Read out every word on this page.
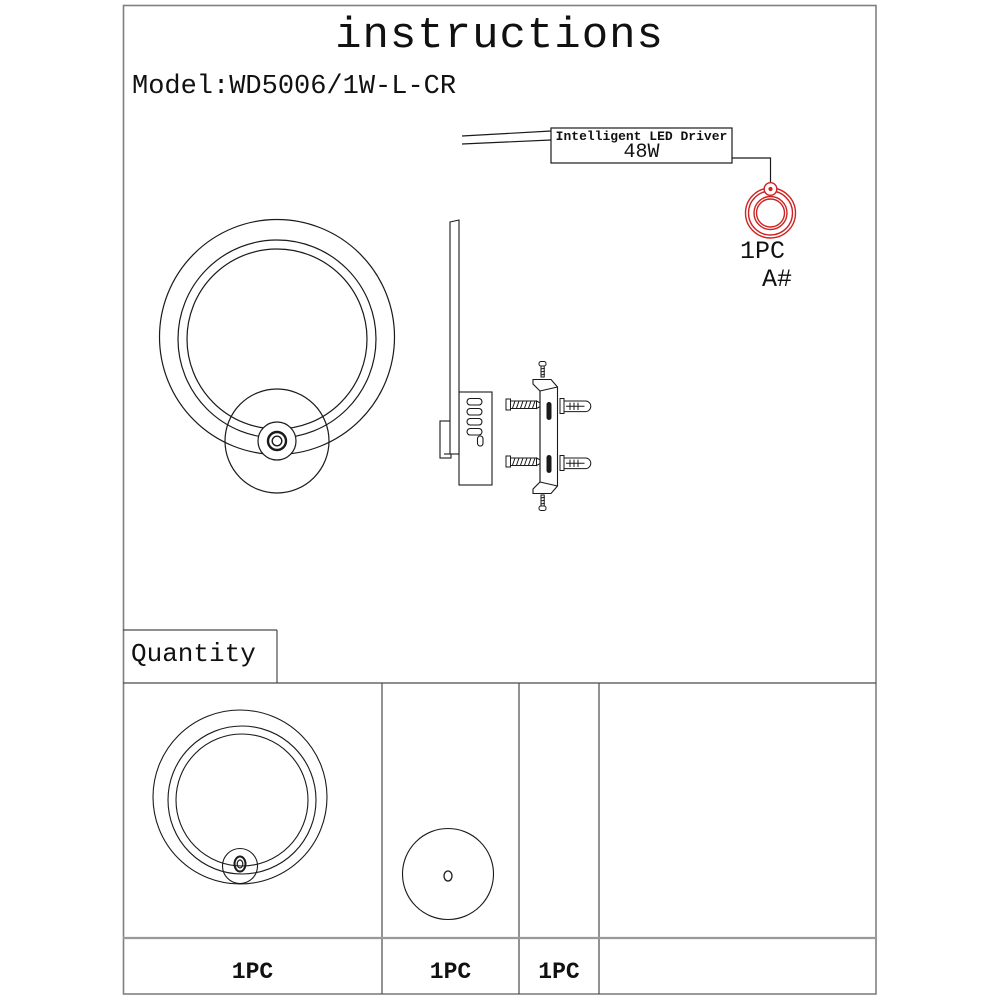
instructions
Model:WD5006/1W-L-CR
Intelligent LED Driver
48W
1PC
A#
Quantity
1PC	1PC	1PC
